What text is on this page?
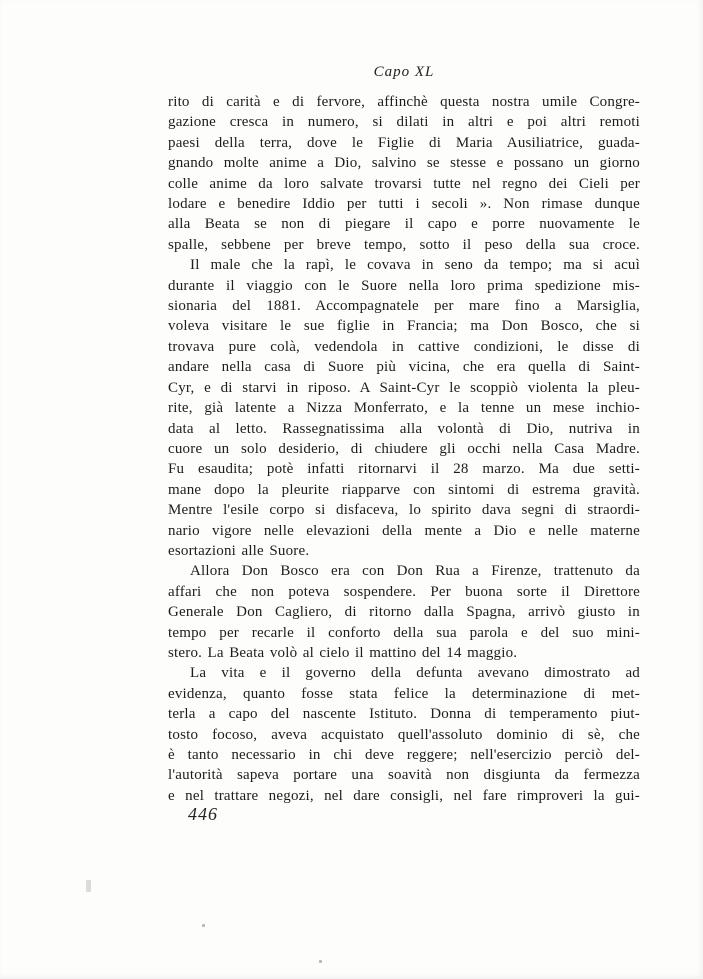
Capo XL
rito di carità e di fervore, affinchè questa nostra umile Congre-
gazione cresca in numero, si dilati in altri e poi altri remoti
paesi della terra, dove le Figlie di Maria Ausiliatrice, guada-
gnando molte anime a Dio, salvino se stesse e possano un giorno
colle anime da loro salvate trovarsi tutte nel regno dei Cieli per
lodare e benedire Iddio per tutti i secoli ». Non rimase dunque
alla Beata se non di piegare il capo e porre nuovamente le
spalle, sebbene per breve tempo, sotto il peso della sua croce.
Il male che la rapì, le covava in seno da tempo; ma si acuì
durante il viaggio con le Suore nella loro prima spedizione mis-
sionaria del 1881. Accompagnatele per mare fino a Marsiglia,
voleva visitare le sue figlie in Francia; ma Don Bosco, che si
trovava pure colà, vedendola in cattive condizioni, le disse di
andare nella casa di Suore più vicina, che era quella di Saint-
Cyr, e di starvi in riposo. A Saint-Cyr le scoppiò violenta la pleu-
rite, già latente a Nizza Monferrato, e la tenne un mese inchio-
data al letto. Rassegnatissima alla volontà di Dio, nutriva in
cuore un solo desiderio, di chiudere gli occhi nella Casa Madre.
Fu esaudita; potè infatti ritornarvi il 28 marzo. Ma due setti-
mane dopo la pleurite riapparve con sintomi di estrema gravità.
Mentre l'esile corpo si disfaceva, lo spirito dava segni di straordi-
nario vigore nelle elevazioni della mente a Dio e nelle materne
esortazioni alle Suore.
Allora Don Bosco era con Don Rua a Firenze, trattenuto da
affari che non poteva sospendere. Per buona sorte il Direttore
Generale Don Cagliero, di ritorno dalla Spagna, arrivò giusto in
tempo per recarle il conforto della sua parola e del suo mini-
stero. La Beata volò al cielo il mattino del 14 maggio.
La vita e il governo della defunta avevano dimostrato ad
evidenza, quanto fosse stata felice la determinazione di met-
terla a capo del nascente Istituto. Donna di temperamento piut-
tosto focoso, aveva acquistato quell'assoluto dominio di sè, che
è tanto necessario in chi deve reggere; nell'esercizio perciò del-
l'autorità sapeva portare una soavità non disgiunta da fermezza
e nel trattare negozi, nel dare consigli, nel fare rimproveri la gui-
446
